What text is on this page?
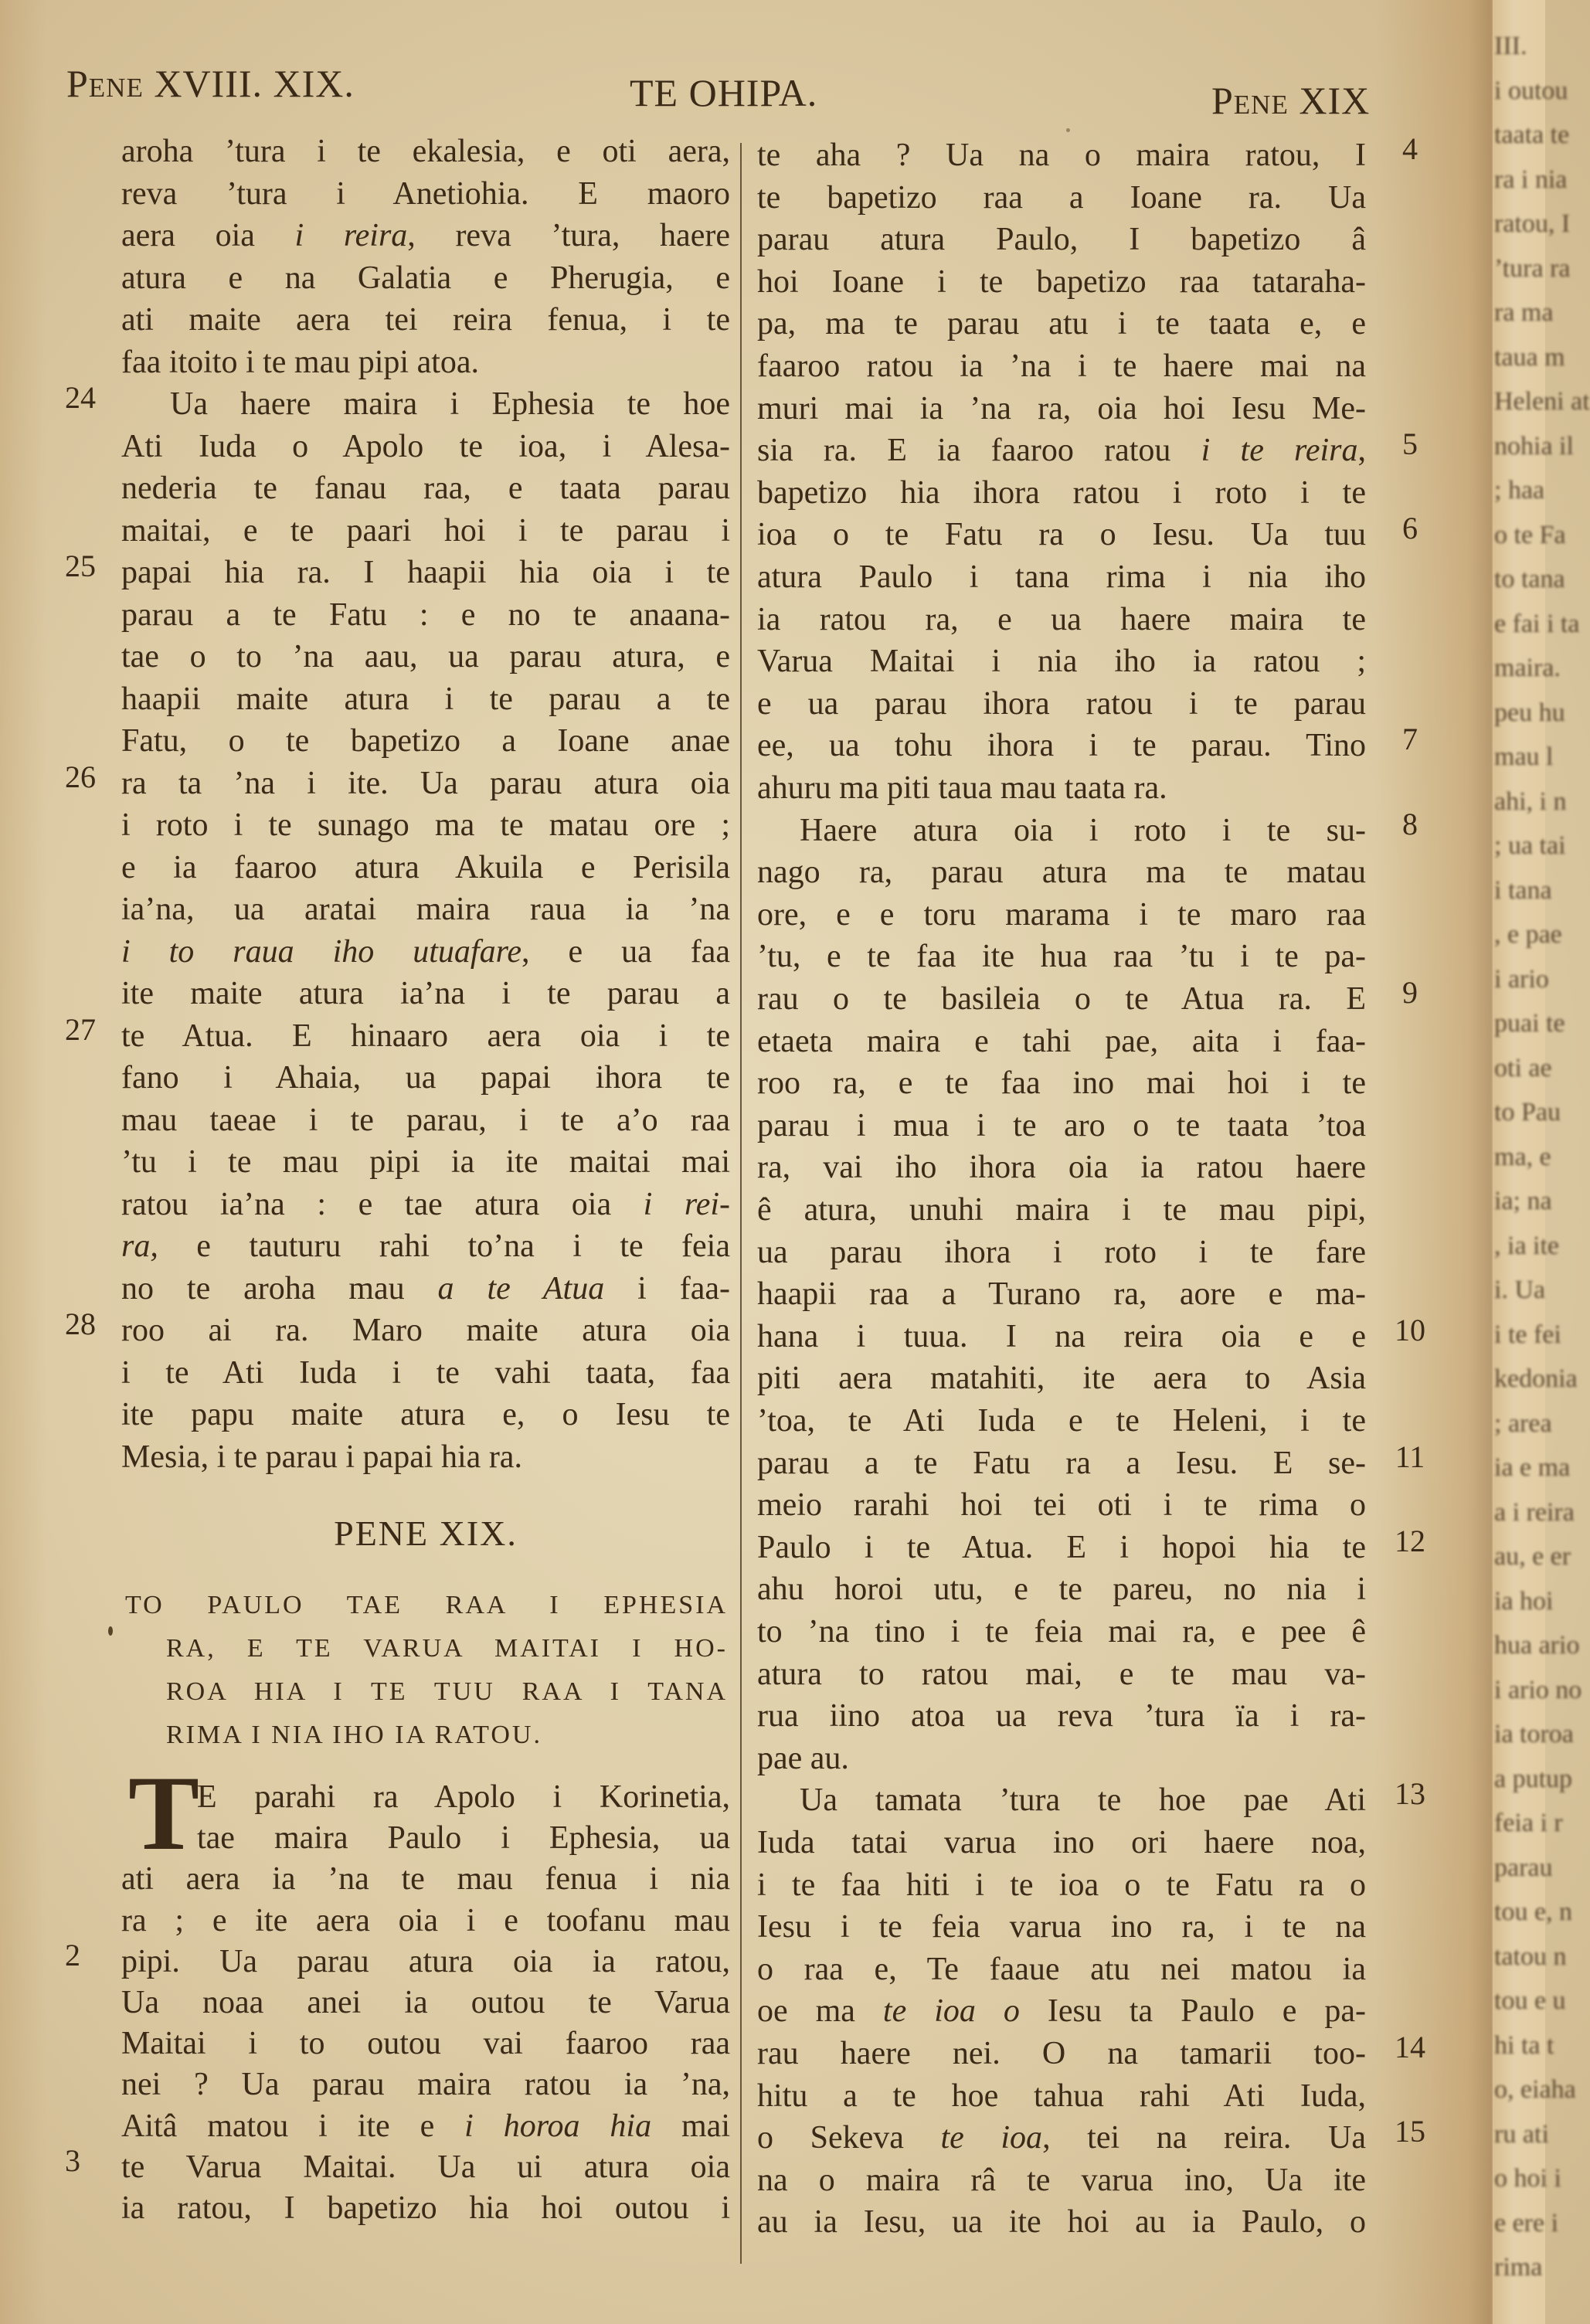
Pene XVIII. XIX.	TE OHIPA.	Pene XIX
aroha ’tura i te ekalesia, e oti aera,
reva ’tura i Anetiohia. E maoro
aera oia i reira, reva ’tura, haere
atura e na Galatia e Pherugia, e
ati maite aera tei reira fenua, i te
faa itoito i te mau pipi atoa.
Ua haere maira i Ephesia te hoe
24
Ati Iuda o Apolo te ioa, i Alesa-
nederia te fanau raa, e taata parau
maitai, e te paari hoi i te parau i
papai hia ra. I haapii hia oia i te
25
parau a te Fatu : e no te anaana-
tae o to ’na aau, ua parau atura, e
haapii maite atura i te parau a te
Fatu, o te bapetizo a Ioane anae
ra ta ’na i ite. Ua parau atura oia
26
i roto i te sunago ma te matau ore ;
e ia faaroo atura Akuila e Perisila
ia’na, ua aratai maira raua ia ’na
i to raua iho utuafare, e ua faa
ite maite atura ia’na i te parau a
te Atua. E hinaaro aera oia i te
27
fano i Ahaia, ua papai ihora te
mau taeae i te parau, i te a’o raa
’tu i te mau pipi ia ite maitai mai
ratou ia’na : e tae atura oia i rei-
ra, e tauturu rahi to’na i te feia
no te aroha mau a te Atua i faa-
roo ai ra. Maro maite atura oia
28
i te Ati Iuda i te vahi taata, faa
ite papu maite atura e, o Iesu te
Mesia, i te parau i papai hia ra.
PENE XIX.
TO PAULO TAE RAA I EPHESIA
RA, E TE VARUA MAITAI I HO-
ROA HIA I TE TUU RAA I TANA
RIMA I NIA IHO IA RATOU.
T
E parahi ra Apolo i Korinetia,
tae maira Paulo i Ephesia, ua
ati aera ia ’na te mau fenua i nia
ra ; e ite aera oia i e toofanu mau
pipi. Ua parau atura oia ia ratou,
2
Ua noaa anei ia outou te Varua
Maitai i to outou vai faaroo raa
nei ? Ua parau maira ratou ia ’na,
Aitâ matou i ite e i horoa hia mai
te Varua Maitai. Ua ui atura oia
3
ia ratou, I bapetizo hia hoi outou i
te aha ? Ua na o maira ratou, I	4
te bapetizo raa a Ioane ra. Ua
parau atura Paulo, I bapetizo â
hoi Ioane i te bapetizo raa tataraha-
pa, ma te parau atu i te taata e, e
faaroo ratou ia ’na i te haere mai na
muri mai ia ’na ra, oia hoi Iesu Me-
sia ra. E ia faaroo ratou i te reira,	5
bapetizo hia ihora ratou i roto i te
ioa o te Fatu ra o Iesu. Ua tuu	6
atura Paulo i tana rima i nia iho
ia ratou ra, e ua haere maira te
Varua Maitai i nia iho ia ratou ;
e ua parau ihora ratou i te parau
ee, ua tohu ihora i te parau. Tino	7
ahuru ma piti taua mau taata ra.
Haere atura oia i roto i te su-	8
nago ra, parau atura ma te matau
ore, e e toru marama i te maro raa
’tu, e te faa ite hua raa ’tu i te pa-
rau o te basileia o te Atua ra. E	9
etaeta maira e tahi pae, aita i faa-
roo ra, e te faa ino mai hoi i te
parau i mua i te aro o te taata ’toa
ra, vai iho ihora oia ia ratou haere
ê atura, unuhi maira i te mau pipi,
ua parau ihora i roto i te fare
haapii raa a Turano ra, aore e ma-
hana i tuua. I na reira oia e e 10
piti aera matahiti, ite aera to Asia
’toa, te Ati Iuda e te Heleni, i te
parau a te Fatu ra a Iesu. E se- 11
meio rarahi hoi tei oti i te rima o
Paulo i te Atua. E i hopoi hia te 12
ahu horoi utu, e te pareu, no nia i
to ’na tino i te feia mai ra, e pee ê
atura to ratou mai, e te mau va-
rua iino atoa ua reva ’tura ïa i ra-
pae au.
Ua tamata ’tura te hoe pae Ati 13
Iuda tatai varua ino ori haere noa,
i te faa hiti i te ioa o te Fatu ra o
Iesu i te feia varua ino ra, i te na
o raa e, Te faaue atu nei matou ia
oe ma te ioa o Iesu ta Paulo e pa-
rau haere nei. O na tamarii too- 14
hitu a te hoe tahua rahi Ati Iuda,
o Sekeva te ioa, tei na reira. Ua 15
na o maira râ te varua ino, Ua ite
au ia Iesu, ua ite hoi au ia Paulo, o
III.
i outou
taata te
ra i nia
ratou, I
’tura ra
ra ma
taua m
Heleni at
nohia il
; haa
o te Fa
to tana
e fai i ta
maira.
peu hu
mau l
ahi, i n
; ua tai
i tana
, e pae
i ario
puai te
oti ae
to Pau
ma, e
ia; na
, ia ite
i. Ua
i te fei
kedonia
; area
ia e ma
a i reira
au, e er
ia hoi
hua ario
i ario no
ia toroa
a putup
feia i r
parau
tou e, n
tatou n
tou e u
hi ta t
o, eiaha
ru ati
o hoi i
e ere i
rima
